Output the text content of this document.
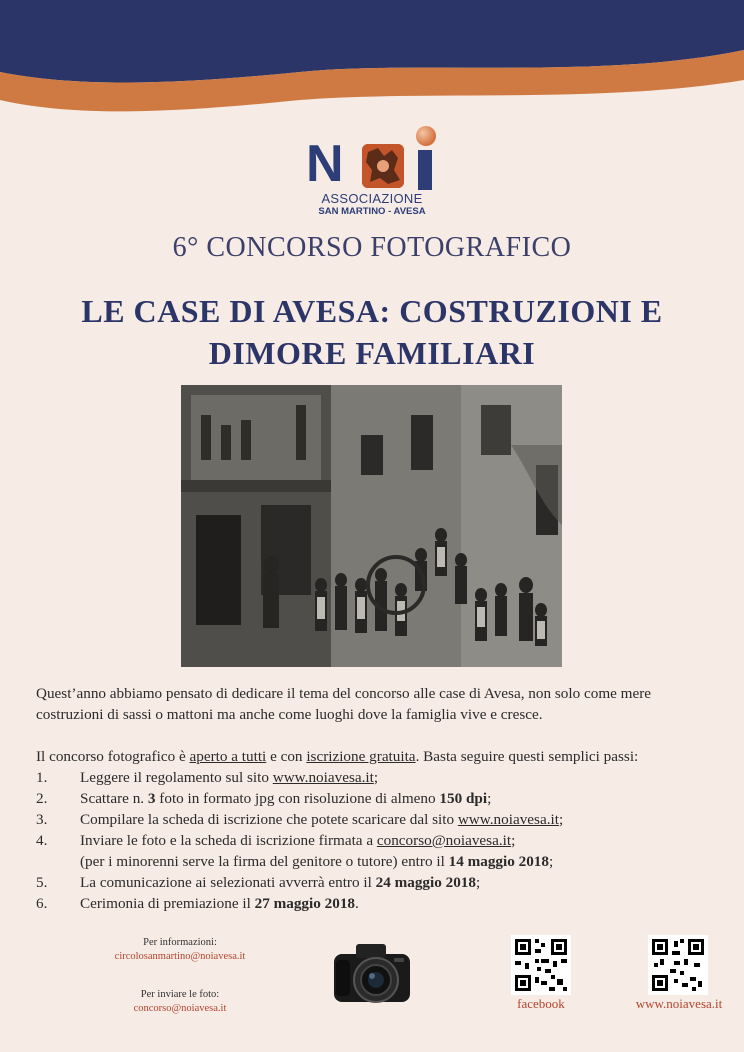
N
ASSOCIAZIONE
SAN MARTINO - AVESA
6° CONCORSO FOTOGRAFICO
LE CASE DI AVESA: COSTRUZIONI E
DIMORE FAMILIARI

Quest’anno abbiamo pensato di dedicare il tema del concorso alle case di Avesa, non solo come mere

costruzioni di sassi o mattoni ma anche come luoghi dove la famiglia vive e cresce.

Il concorso fotografico è aperto a tutti e con iscrizione gratuita. Basta seguire questi semplici passi:

1. Leggere il regolamento sul sito www.noiavesa.it;
2. Scattare n. 3 foto in formato jpg con risoluzione di almeno 150 dpi;
3. Compilare la scheda di iscrizione che potete scaricare dal sito www.noiavesa.it;
4. Inviare le foto e la scheda di iscrizione firmata a concorso@noiavesa.it;
(per i minorenni serve la firma del genitore o tutore) entro il 14 maggio 2018;
5. La comunicazione ai selezionati avverrà entro il 24 maggio 2018;
6. Cerimonia di premiazione il 27 maggio 2018.
Per informazioni:
circolosanmartino@noiavesa.it
Per inviare le foto:
concorso@noiavesa.it	facebook	www.noiavesa.it
